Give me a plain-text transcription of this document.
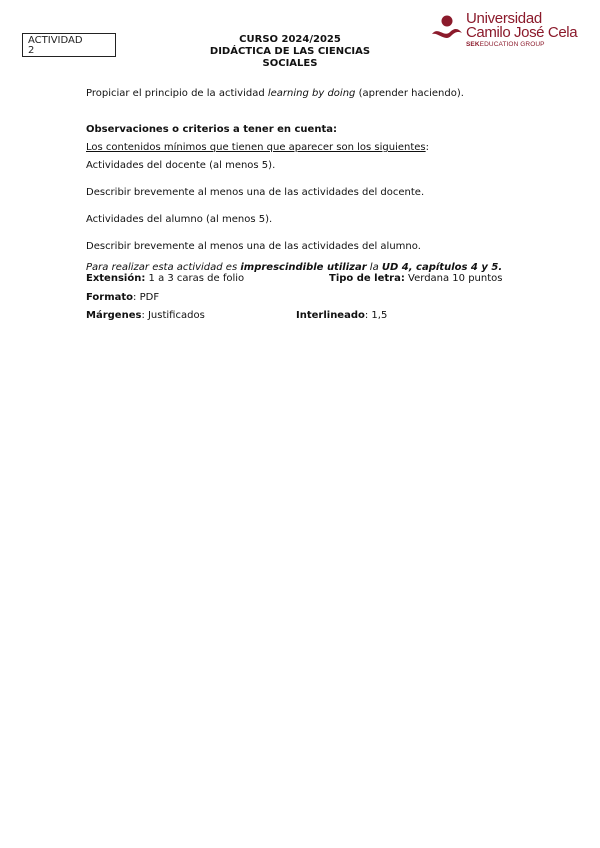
ACTIVIDAD
2
CURSO 2024/2025
DIDÁCTICA DE LAS CIENCIAS
SOCIALES
Universidad
Camilo José Cela
SEKEDUCATION GROUP
Propiciar el principio de la actividad learning by doing (aprender haciendo).
Observaciones o criterios a tener en cuenta:
Los contenidos mínimos que tienen que aparecer son los siguientes:
Actividades del docente (al menos 5).
Describir brevemente al menos una de las actividades del docente.
Actividades del alumno (al menos 5).
Describir brevemente al menos una de las actividades del alumno.
Para realizar esta actividad es imprescindible utilizar la UD 4, capítulos 4 y 5.
Extensión: 1 a 3 caras de folio	Tipo de letra: Verdana 10 puntos
Formato: PDF
Márgenes: Justificados	Interlineado: 1,5
